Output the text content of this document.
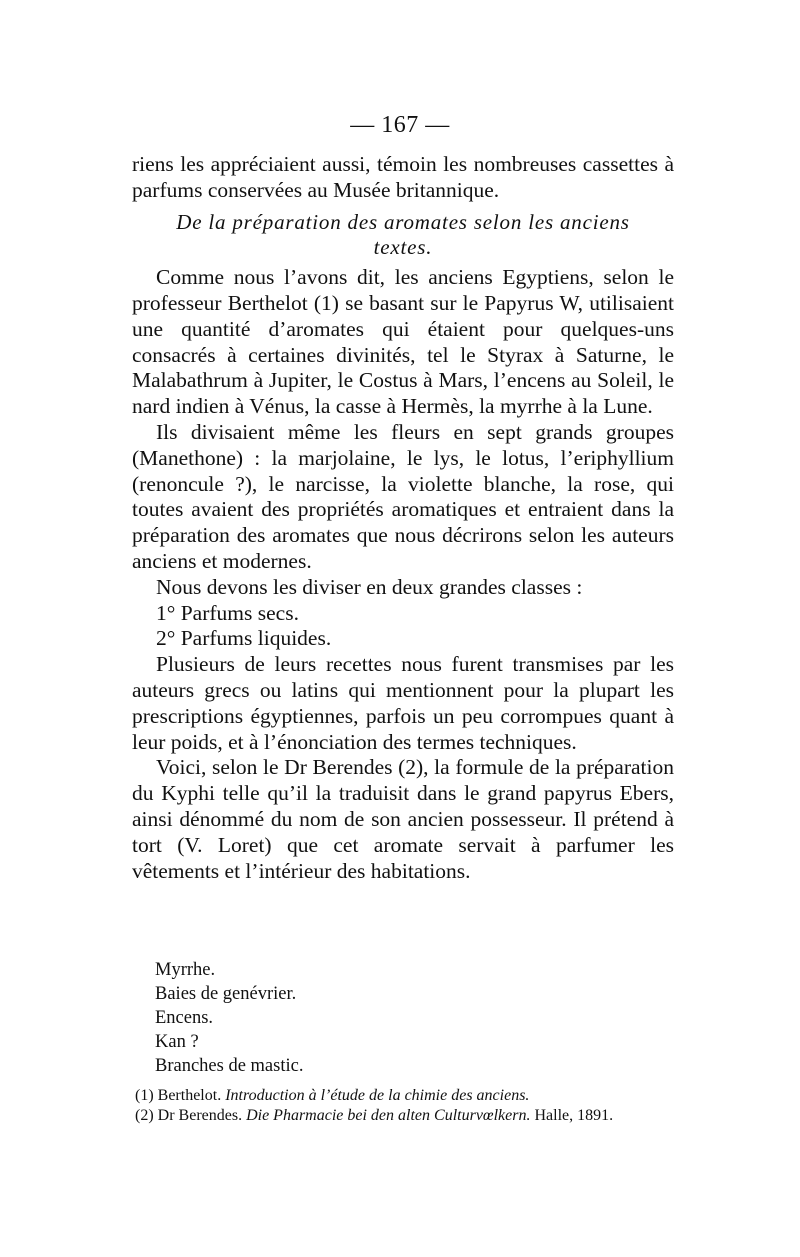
— 167 —

riens les appréciaient aussi, témoin les nombreuses cassettes à parfums conservées au Musée britannique.

De la préparation des aromates selon les anciens textes.

Comme nous l’avons dit, les anciens Egyptiens, selon le professeur Berthelot (1) se basant sur le Papyrus W, utilisaient une quantité d’aromates qui étaient pour quelques-uns consacrés à certaines divinités, tel le Styrax à Saturne, le Malabathrum à Jupiter, le Costus à Mars, l’encens au Soleil, le nard indien à Vénus, la casse à Hermès, la myrrhe à la Lune.

Ils divisaient même les fleurs en sept grands groupes (Manethone) : la marjolaine, le lys, le lotus, l’eriphyllium (renoncule ?), le narcisse, la violette blanche, la rose, qui toutes avaient des propriétés aromatiques et entraient dans la préparation des aromates que nous décrirons selon les auteurs anciens et modernes.

Nous devons les diviser en deux grandes classes :

1° Parfums secs.

2° Parfums liquides.

Plusieurs de leurs recettes nous furent transmises par les auteurs grecs ou latins qui mentionnent pour la plupart les prescriptions égyptiennes, parfois un peu corrompues quant à leur poids, et à l’énonciation des termes techniques.

Voici, selon le Dr Berendes (2), la formule de la préparation du Kyphi telle qu’il la traduisit dans le grand papyrus Ebers, ainsi dénommé du nom de son ancien possesseur. Il prétend à tort (V. Loret) que cet aromate servait à parfumer les vêtements et l’intérieur des habitations.

Myrrhe.
Baies de genévrier.
Encens.
Kan ?
Branches de mastic.
(1) Berthelot. Introduction à l’étude de la chimie des anciens.
(2) Dr Berendes. Die Pharmacie bei den alten Culturvœlkern. Halle, 1891.
